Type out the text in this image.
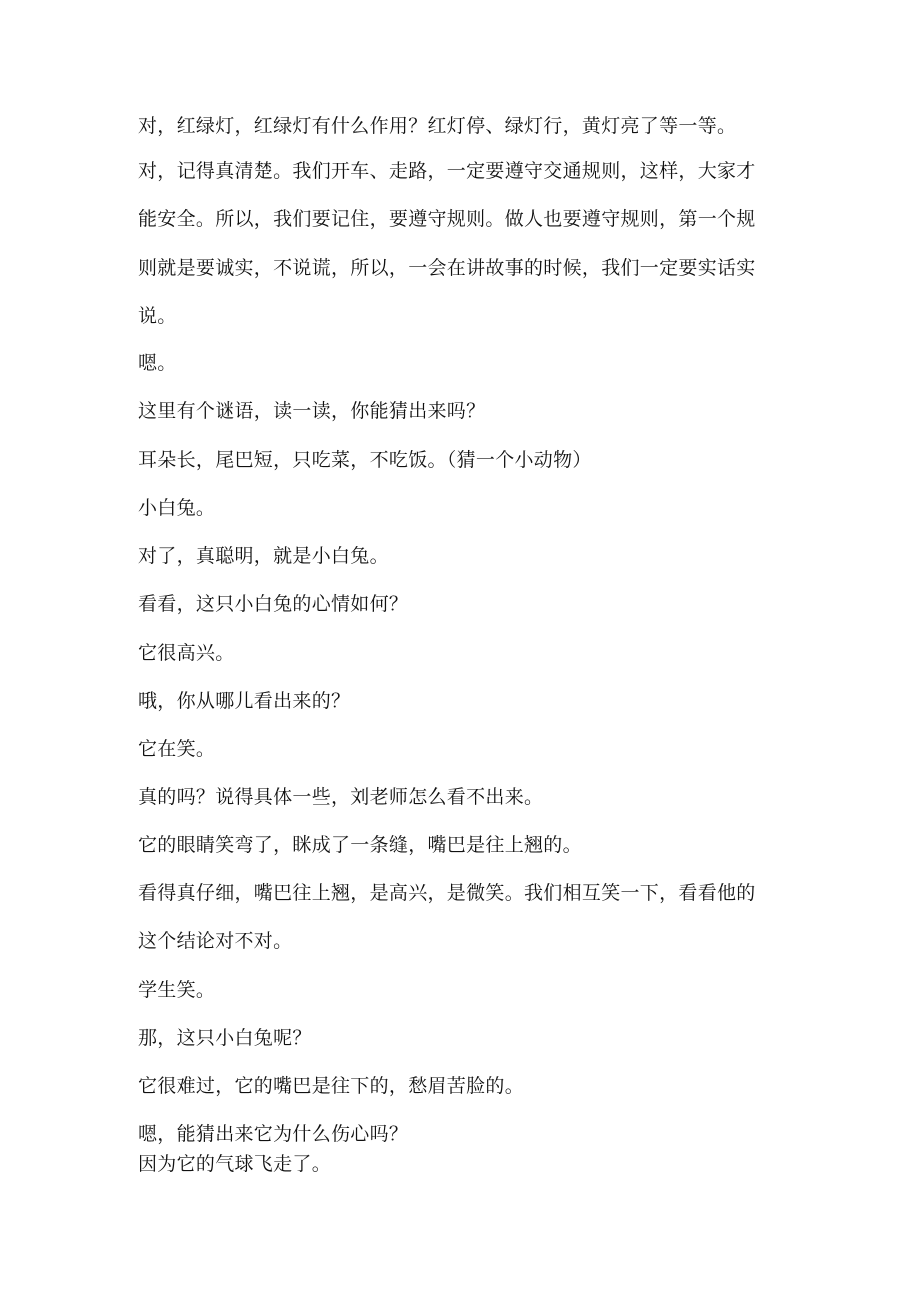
对，红绿灯，红绿灯有什么作用？红灯停、绿灯行，黄灯亮了等一等。

对，记得真清楚。我们开车、走路，一定要遵守交通规则，这样，大家才

能安全。所以，我们要记住，要遵守规则。做人也要遵守规则，第一个规

则就是要诚实，不说谎，所以，一会在讲故事的时候，我们一定要实话实

说。

嗯。

这里有个谜语，读一读，你能猜出来吗？

耳朵长，尾巴短，只吃菜，不吃饭。（猜一个小动物）

小白兔。

对了，真聪明，就是小白兔。

看看，这只小白兔的心情如何？

它很高兴。

哦，你从哪儿看出来的？

它在笑。

真的吗？说得具体一些，刘老师怎么看不出来。

它的眼睛笑弯了，眯成了一条缝，嘴巴是往上翘的。

看得真仔细，嘴巴往上翘，是高兴，是微笑。我们相互笑一下，看看他的

这个结论对不对。

学生笑。

那，这只小白兔呢？

它很难过，它的嘴巴是往下的，愁眉苦脸的。

嗯，能猜出来它为什么伤心吗？

因为它的气球飞走了。
